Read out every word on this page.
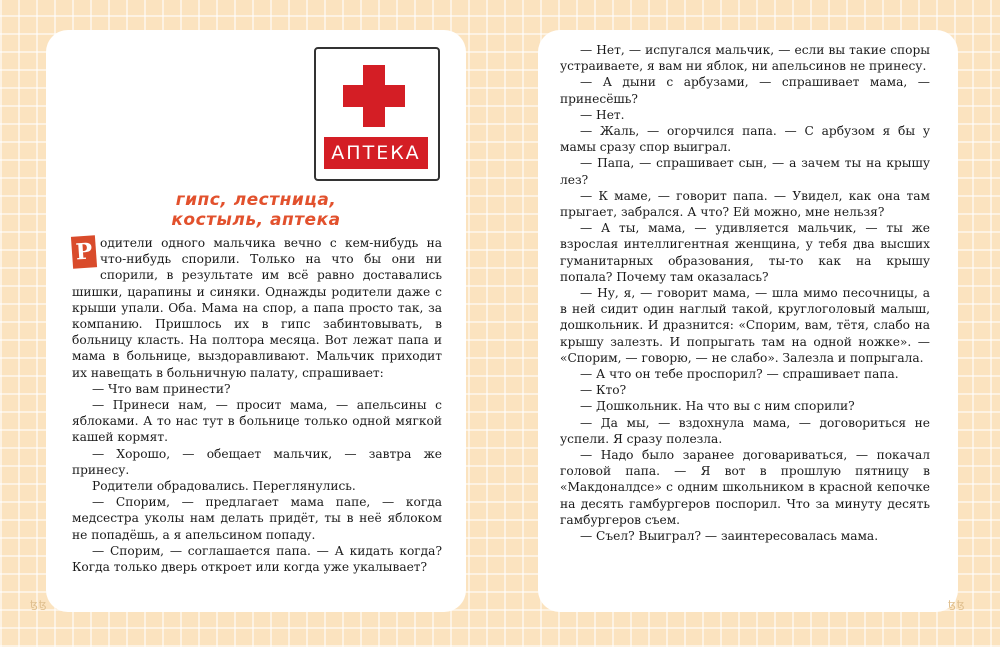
АПТЕКА
гипс, лестница,
костыль, аптека

Р одители одного мальчика вечно с кем-нибудь на что-нибудь спорили. Только на что бы они ни спорили, в результате им всё равно доставались шишки, царапины и синяки. Однажды родители даже с крыши упали. Оба. Мама на спор, а папа просто так, за компанию. Пришлось их в гипс забинтовывать, в больницу класть. На полтора месяца. Вот лежат папа и мама в больнице, выздоравливают. Мальчик приходит их навещать в больничную палату, спрашивает:

— Что вам принести?

— Принеси нам, — просит мама, — апельсины с яблоками. А то нас тут в больнице только одной мягкой кашей кормят.

— Хорошо, — обещает мальчик, — завтра же принесу.

Родители обрадовались. Переглянулись.

— Спорим, — предлагает мама папе, — когда медсестра уколы нам делать придёт, ты в неё яблоком не попадёшь, а я апельсином попаду.

— Спорим, — соглашается папа. — А кидать когда? Когда только дверь откроет или когда уже укалывает?

— Нет, — испугался мальчик, — если вы такие споры устраиваете, я вам ни яблок, ни апельсинов не принесу.

— А дыни с арбузами, — спрашивает мама, — принесёшь?

— Нет.

— Жаль, — огорчился папа. — С арбузом я бы у мамы сразу спор выиграл.

— Папа, — спрашивает сын, — а зачем ты на крышу лез?

— К маме, — говорит папа. — Увидел, как она там прыгает, забрался. А что? Ей можно, мне нельзя?

— А ты, мама, — удивляется мальчик, — ты же взрослая интеллигентная женщина, у тебя два высших гуманитарных образования, ты-то как на крышу попала? Почему там оказалась?

— Ну, я, — говорит мама, — шла мимо песочницы, а в ней сидит один наглый такой, круглоголовый малыш, дошкольник. И дразнится: «Спорим, вам, тётя, слабо на крышу залезть. И попрыгать там на одной ножке». — «Спорим, — говорю, — не слабо». Залезла и попрыгала.

— А что он тебе проспорил? — спрашивает папа.

— Кто?

— Дошкольник. На что вы с ним спорили?

— Да мы, — вздохнула мама, — договориться не успели. Я сразу полезла.

— Надо было заранее договариваться, — покачал головой папа. — Я вот в прошлую пятницу в «Макдоналдсе» с одним школьником в красной кепочке на десять гамбургеров поспорил. Что за минуту десять гамбургеров съем.

— Съел? Выиграл? — заинтересовалась мама.

ꜩꜩ	ꜩꜩ
